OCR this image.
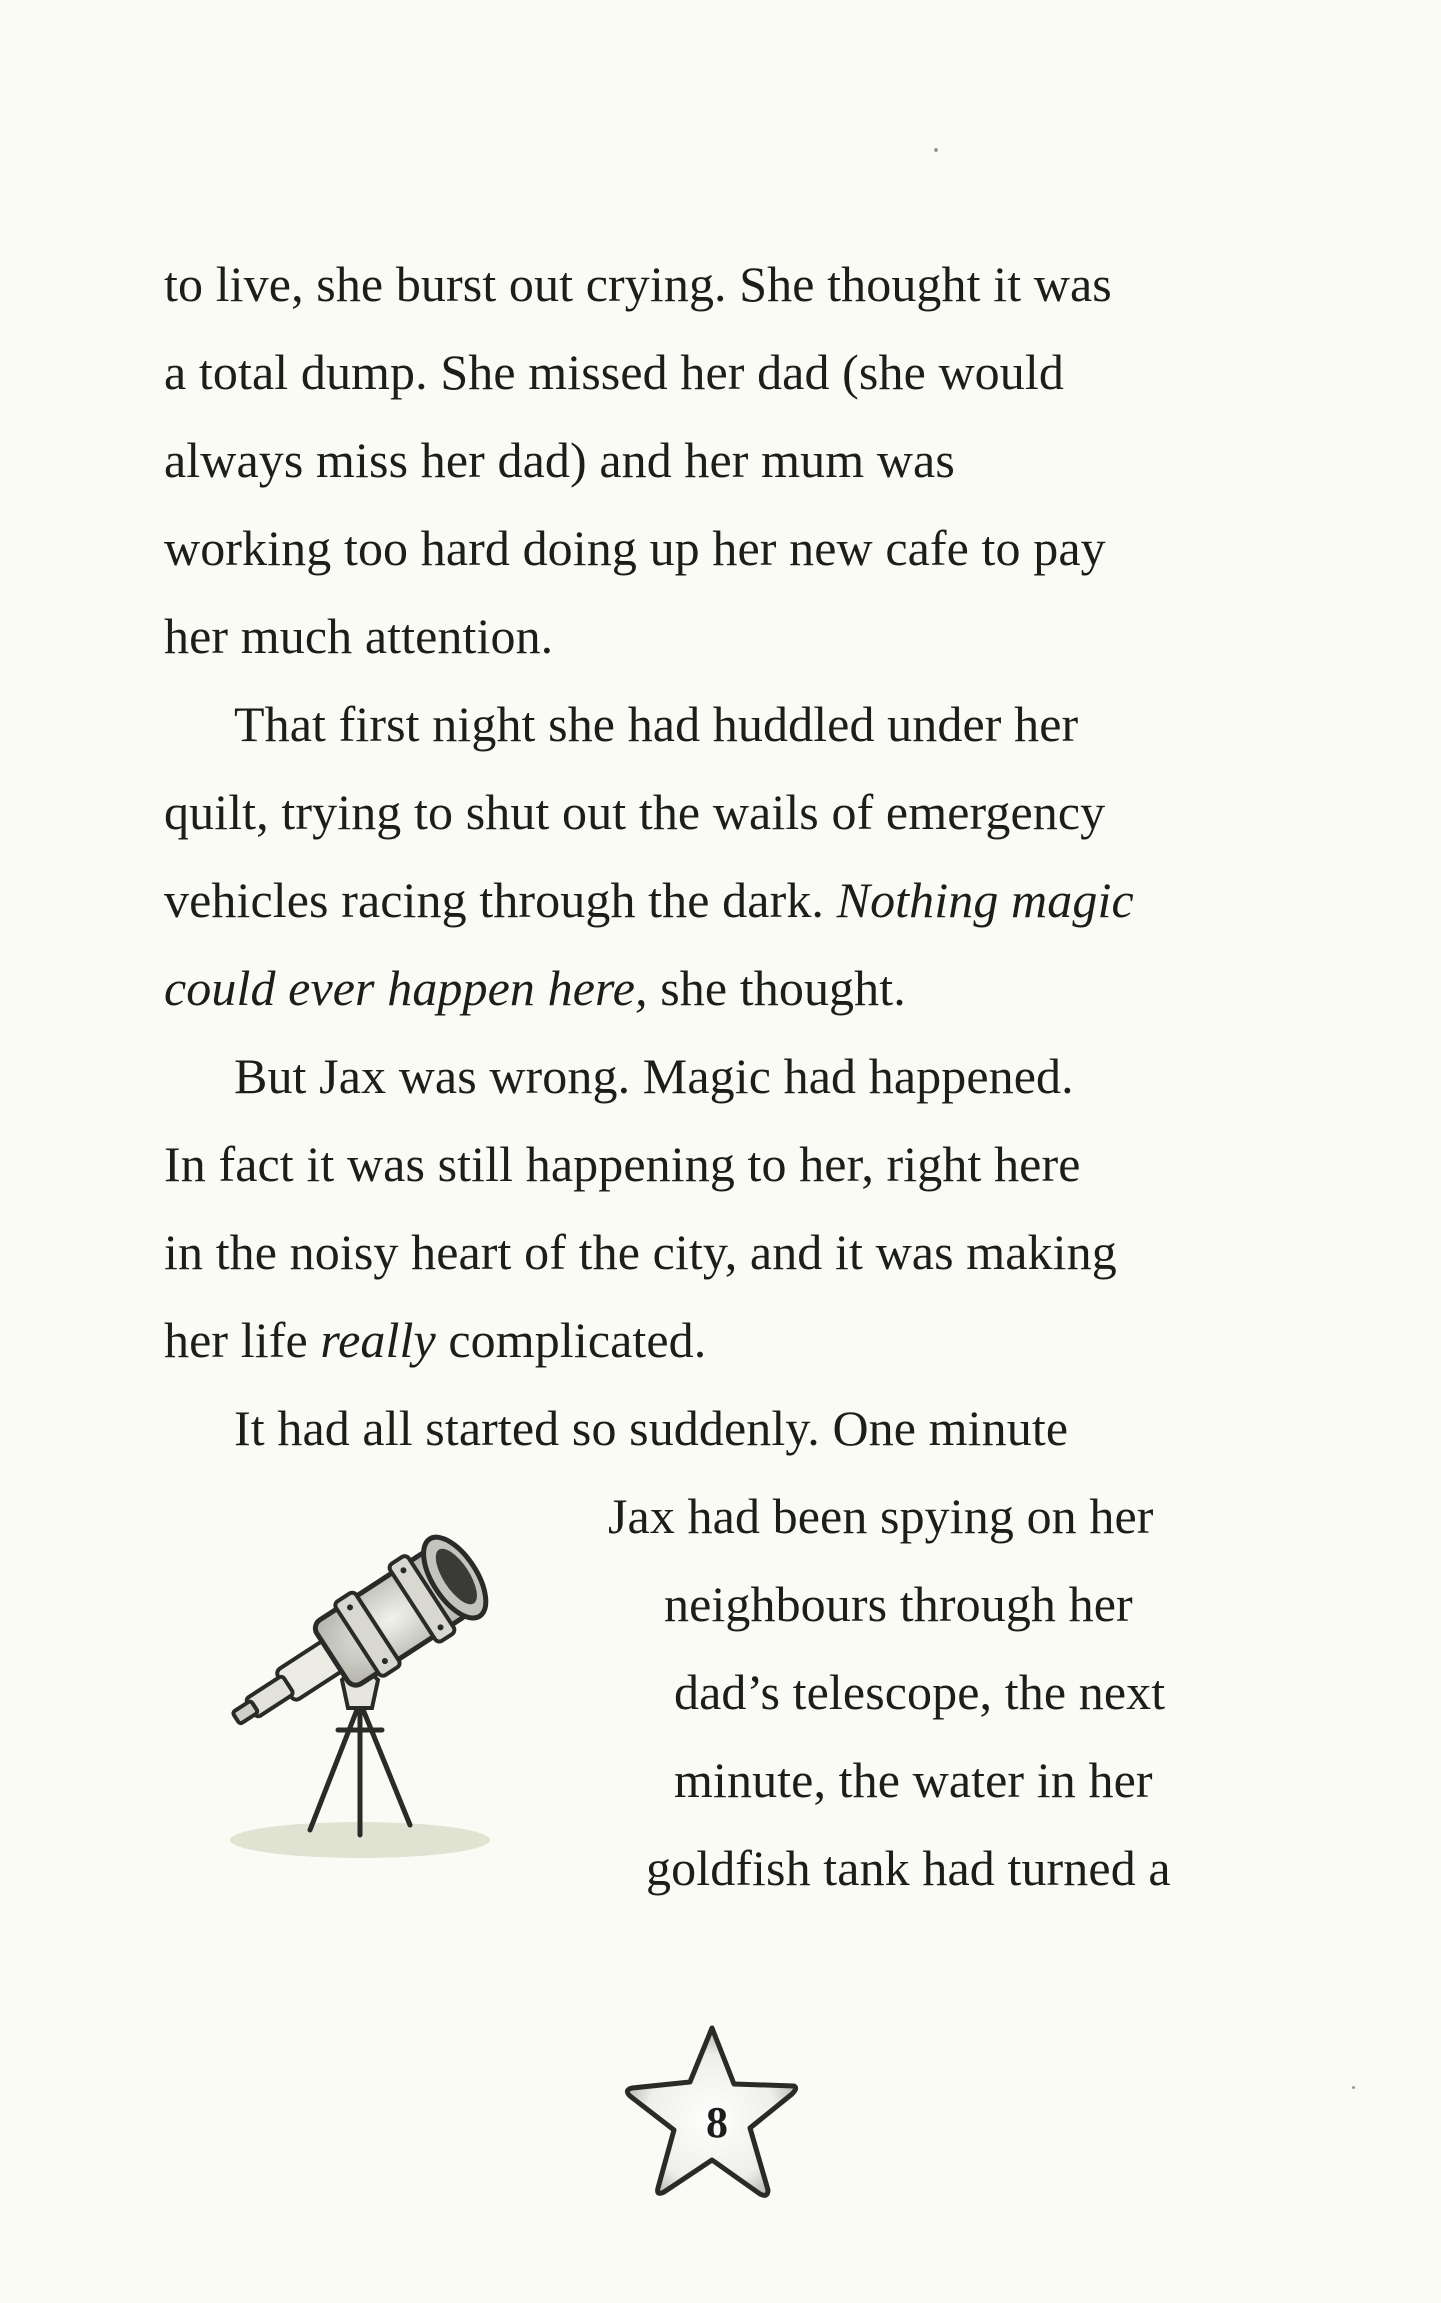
to live, she burst out crying. She thought it was

a total dump. She missed her dad (she would

always miss her dad) and her mum was

working too hard doing up her new cafe to pay

her much attention.

That first night she had huddled under her

quilt, trying to shut out the wails of emergency

vehicles racing through the dark. Nothing magic

could ever happen here, she thought.

But Jax was wrong. Magic had happened.

In fact it was still happening to her, right here

in the noisy heart of the city, and it was making

her life really complicated.

It had all started so suddenly. One minute

Jax had been spying on her

neighbours through her

dad’s telescope, the next

minute, the water in her

goldfish tank had turned a

8
